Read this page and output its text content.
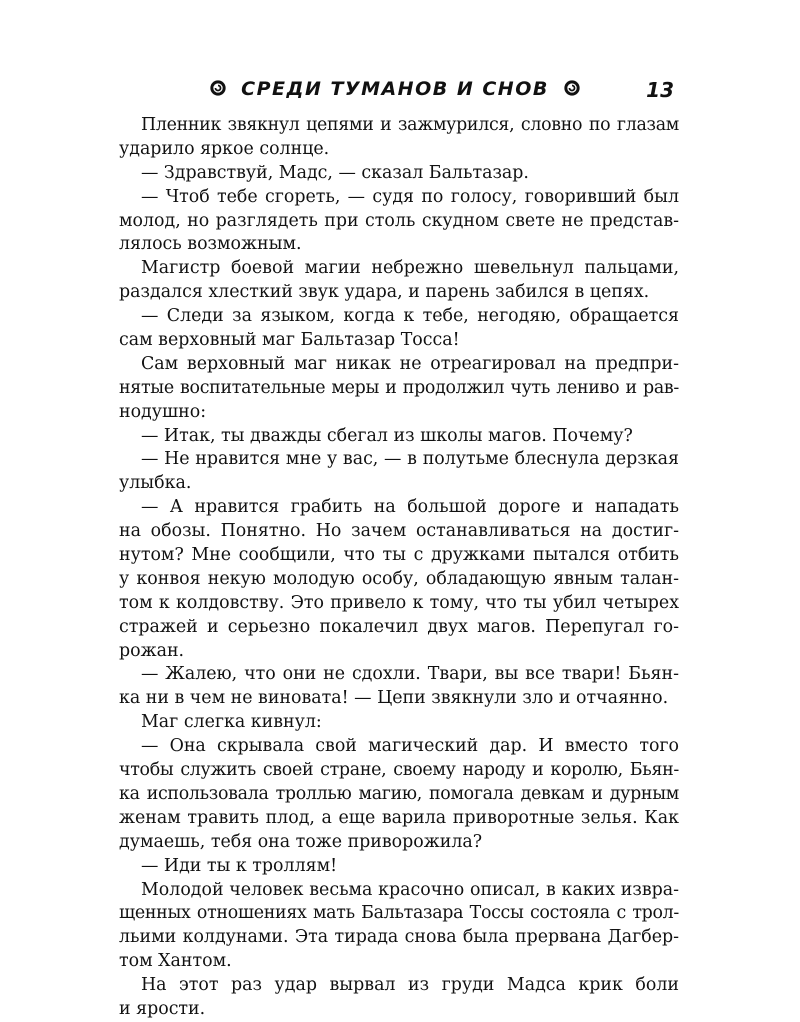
СРЕДИ ТУМАНОВ И СНОВ	13
Пленник звякнул цепями и зажмурился, словно по глазам
ударило яркое солнце.
— Здравствуй, Мадс, — сказал Бальтазар.
— Чтоб тебе сгореть, — судя по голосу, говоривший был
молод, но разглядеть при столь скудном свете не представ-
лялось возможным.
Магистр боевой магии небрежно шевельнул пальцами,
раздался хлесткий звук удара, и парень забился в цепях.
— Следи за языком, когда к тебе, негодяю, обращается
сам верховный маг Бальтазар Тосса!
Сам верховный маг никак не отреагировал на предпри-
нятые воспитательные меры и продолжил чуть лениво и рав-
нодушно:
— Итак, ты дважды сбегал из школы магов. Почему?
— Не нравится мне у вас, — в полутьме блеснула дерзкая
улыбка.
— А нравится грабить на большой дороге и нападать
на обозы. Понятно. Но зачем останавливаться на достиг-
нутом? Мне сообщили, что ты с дружками пытался отбить
у конвоя некую молодую особу, обладающую явным талан-
том к колдовству. Это привело к тому, что ты убил четырех
стражей и серьезно покалечил двух магов. Перепугал го-
рожан.
— Жалею, что они не сдохли. Твари, вы все твари! Бьян-
ка ни в чем не виновата! — Цепи звякнули зло и отчаянно.
Маг слегка кивнул:
— Она скрывала свой магический дар. И вместо того
чтобы служить своей стране, своему народу и королю, Бьян-
ка использовала троллью магию, помогала девкам и дурным
женам травить плод, а еще варила приворотные зелья. Как
думаешь, тебя она тоже приворожила?
— Иди ты к троллям!
Молодой человек весьма красочно описал, в каких извра-
щенных отношениях мать Бальтазара Тоссы состояла с трол-
льими колдунами. Эта тирада снова была прервана Дагбер-
том Хантом.
На этот раз удар вырвал из груди Мадса крик боли
и ярости.
